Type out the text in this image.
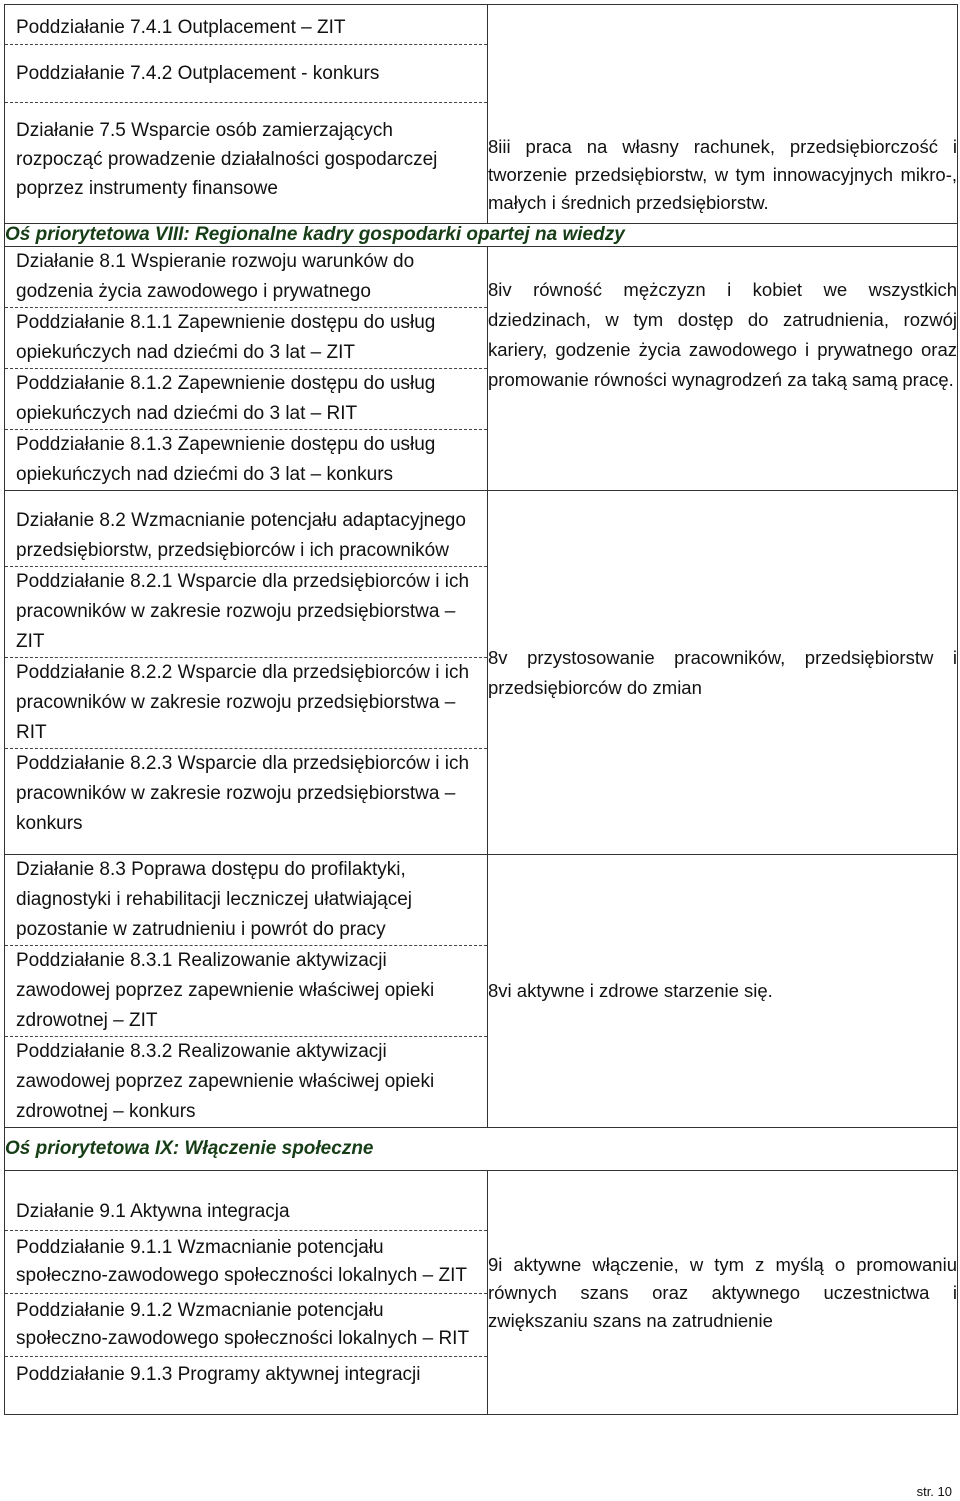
Poddziałanie 7.4.1 Outplacement – ZIT
Poddziałanie 7.4.2 Outplacement - konkurs
Działanie 7.5 Wsparcie osób zamierzających rozpocząć prowadzenie działalności gospodarczej poprzez instrumenty finansowe	8iii praca na własny rachunek, przedsiębiorczość i tworzenie przedsiębiorstw, w tym innowacyjnych mikro-, małych i średnich przedsiębiorstw.

Oś priorytetowa VIII: Regionalne kadry gospodarki opartej na wiedzy	

Działanie 8.1 Wspieranie rozwoju warunków do godzenia życia zawodowego i prywatnego
Poddziałanie 8.1.1 Zapewnienie dostępu do usług opiekuńczych nad dziećmi do 3 lat – ZIT
Poddziałanie 8.1.2 Zapewnienie dostępu do usług opiekuńczych nad dziećmi do 3 lat – RIT
Poddziałanie 8.1.3 Zapewnienie dostępu do usług opiekuńczych nad dziećmi do 3 lat – konkurs	8iv równość mężczyzn i kobiet we wszystkich dziedzinach, w tym dostęp do zatrudnienia, rozwój kariery, godzenie życia zawodowego i prywatnego oraz promowanie równości wynagrodzeń za taką samą pracę.

Działanie 8.2 Wzmacnianie potencjału adaptacyjnego przedsiębiorstw, przedsiębiorców i ich pracowników
Poddziałanie 8.2.1 Wsparcie dla przedsiębiorców i ich pracowników w zakresie rozwoju przedsiębiorstwa – ZIT
Poddziałanie 8.2.2 Wsparcie dla przedsiębiorców i ich pracowników w zakresie rozwoju przedsiębiorstwa – RIT
Poddziałanie 8.2.3 Wsparcie dla przedsiębiorców i ich pracowników w zakresie rozwoju przedsiębiorstwa – konkurs	8v przystosowanie pracowników, przedsiębiorstw i przedsiębiorców do zmian

Działanie 8.3 Poprawa dostępu do profilaktyki, diagnostyki i rehabilitacji leczniczej ułatwiającej pozostanie w zatrudnieniu i powrót do pracy
Poddziałanie 8.3.1 Realizowanie aktywizacji zawodowej poprzez zapewnienie właściwej opieki zdrowotnej – ZIT
Poddziałanie 8.3.2 Realizowanie aktywizacji zawodowej poprzez zapewnienie właściwej opieki zdrowotnej – konkurs	8vi aktywne i zdrowe starzenie się.

Oś priorytetowa IX: Włączenie społeczne	

Działanie 9.1 Aktywna integracja
Poddziałanie 9.1.1 Wzmacnianie potencjału społeczno-zawodowego społeczności lokalnych – ZIT
Poddziałanie 9.1.2 Wzmacnianie potencjału społeczno-zawodowego społeczności lokalnych – RIT
Poddziałanie 9.1.3 Programy aktywnej integracji	9i aktywne włączenie, w tym z myślą o promowaniu równych szans oraz aktywnego uczestnictwa i zwiększaniu szans na zatrudnienie
str. 10
